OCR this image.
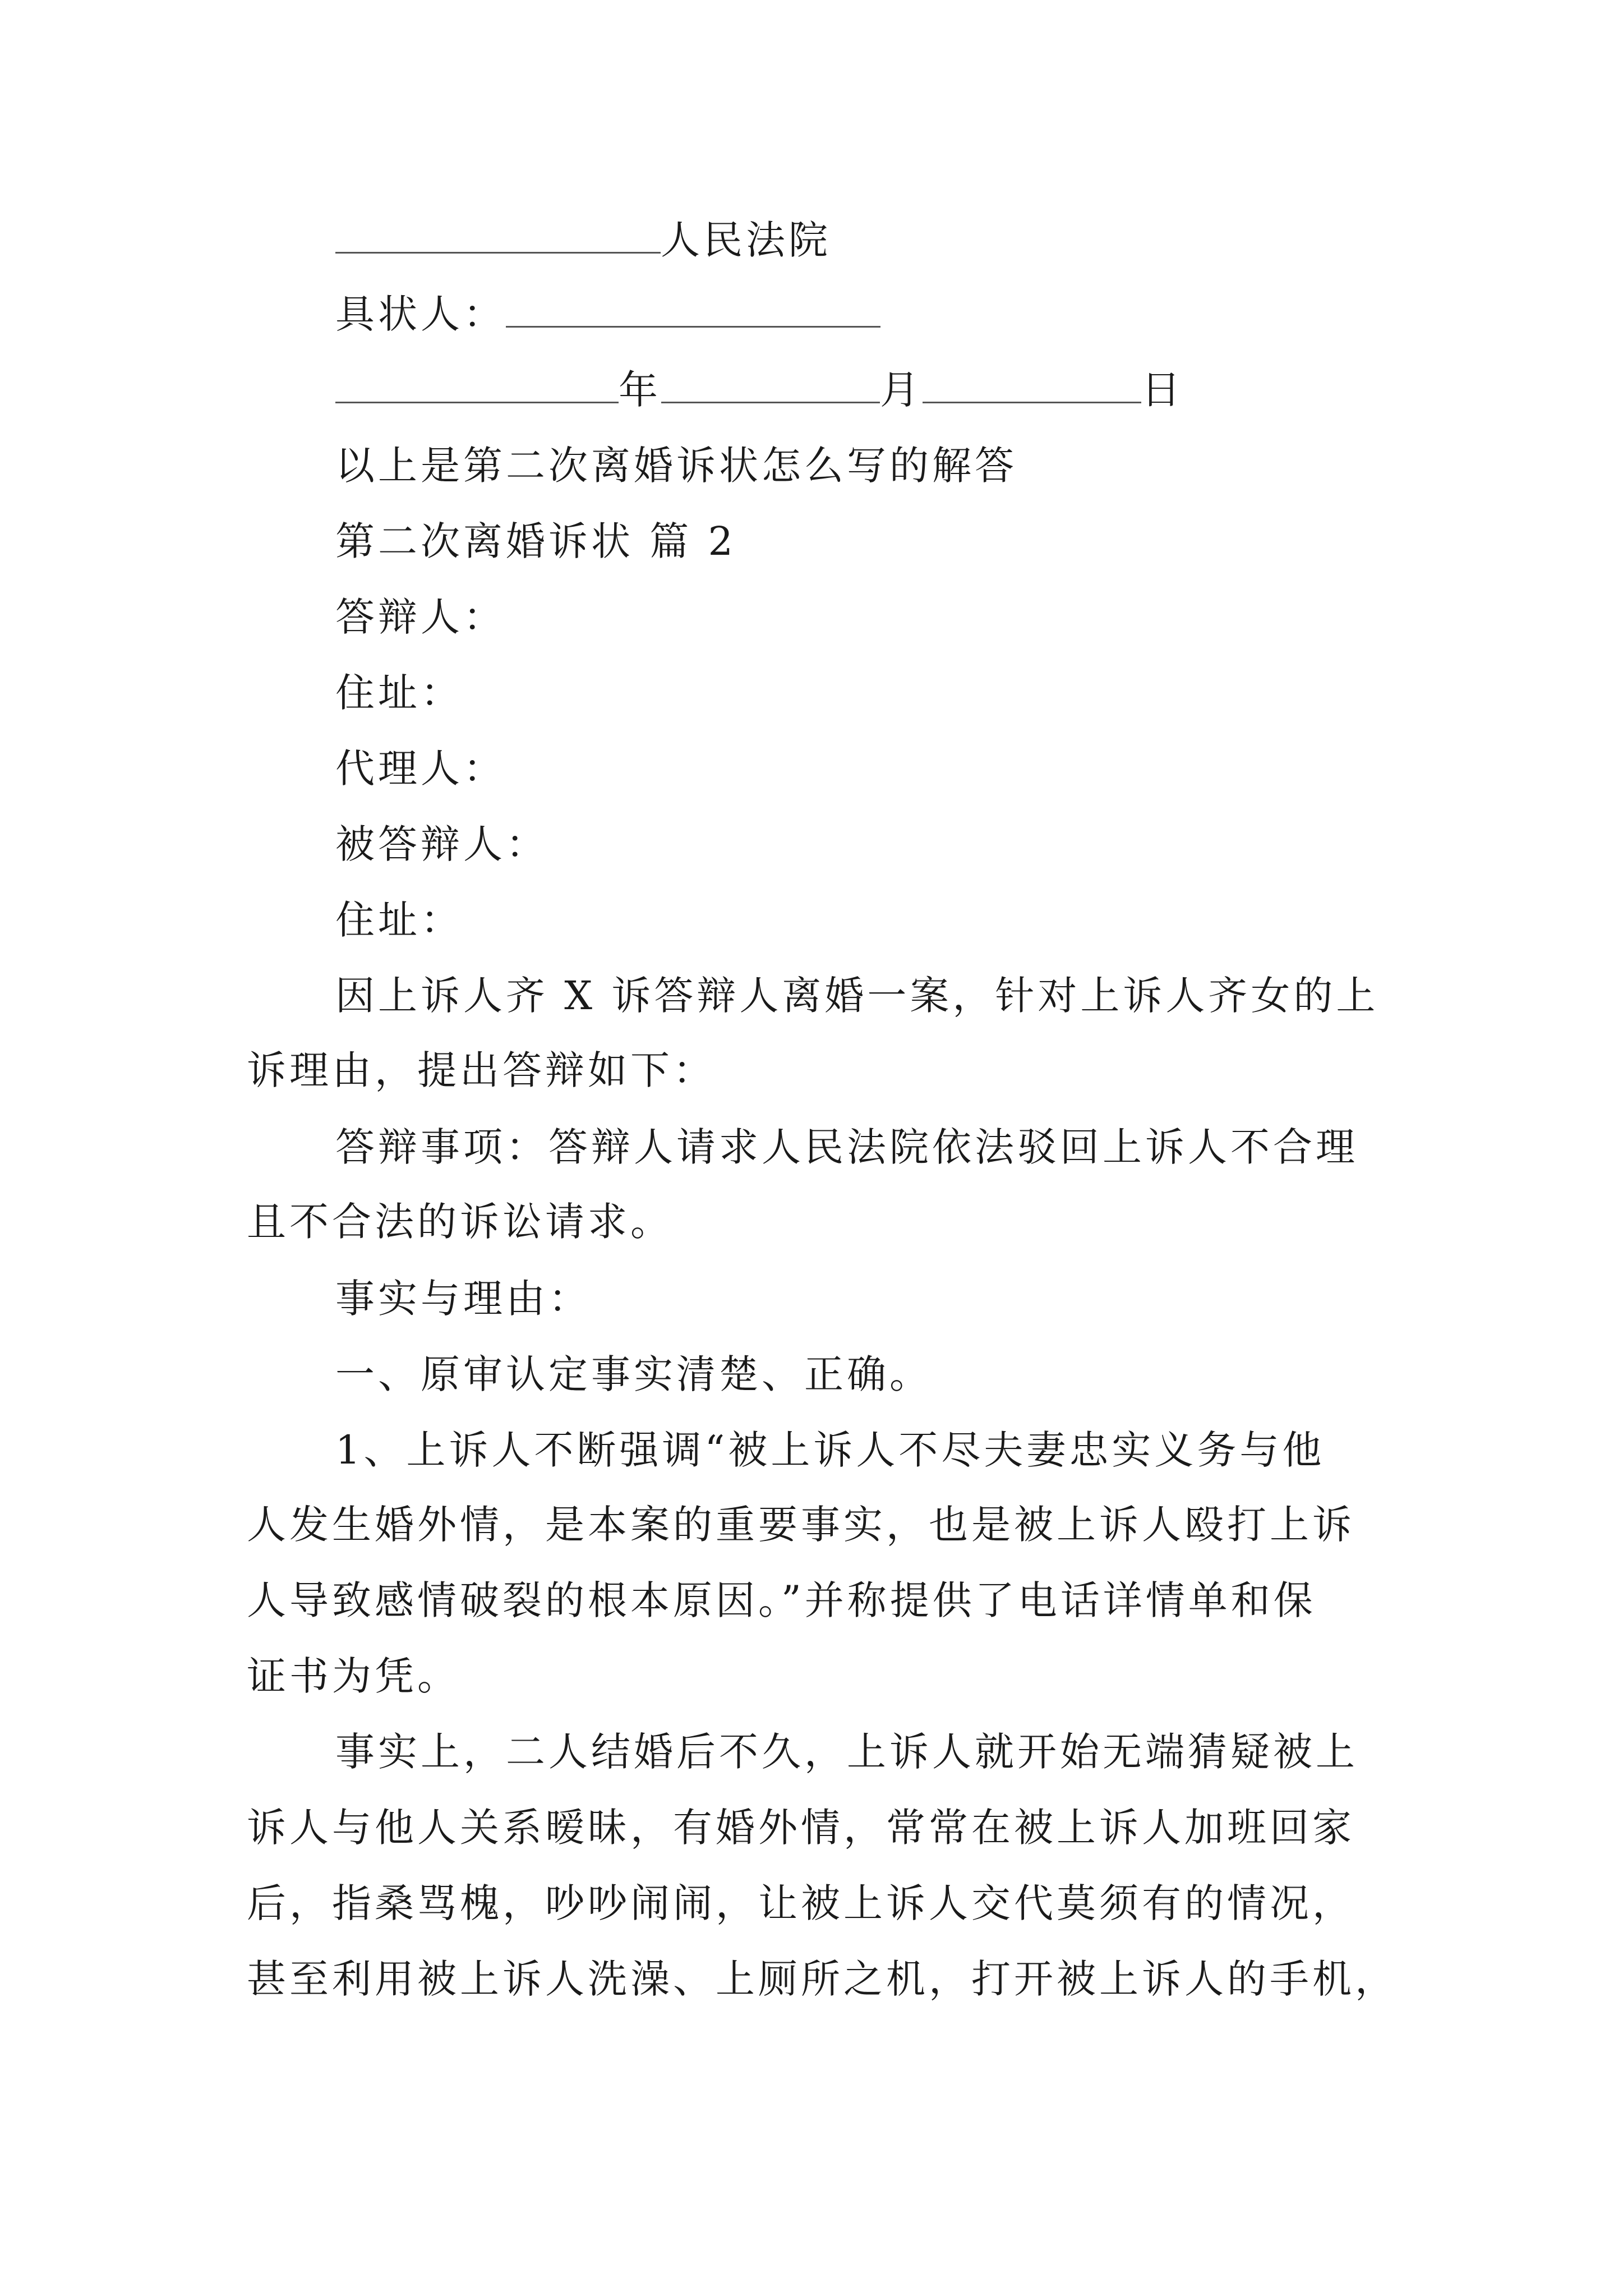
人民法院
具状人：
年	月	日
以上是第二次离婚诉状怎么写的解答
第二次离婚诉状 篇 2
答辩人：
住址：
代理人：
被答辩人：
住址：
因上诉人齐 X 诉答辩人离婚一案，针对上诉人齐女的上
诉理由，提出答辩如下：
答辩事项：答辩人请求人民法院依法驳回上诉人不合理
且不合法的诉讼请求。
事实与理由：
一、原审认定事实清楚、正确。
1、上诉人不断强调“被上诉人不尽夫妻忠实义务与他
人发生婚外情，是本案的重要事实，也是被上诉人殴打上诉
人导致感情破裂的根本原因。”并称提供了电话详情单和保
证书为凭。
事实上，二人结婚后不久，上诉人就开始无端猜疑被上
诉人与他人关系暧昧，有婚外情，常常在被上诉人加班回家
后，指桑骂槐，吵吵闹闹，让被上诉人交代莫须有的情况，
甚至利用被上诉人洗澡、上厕所之机，打开被上诉人的手机，
